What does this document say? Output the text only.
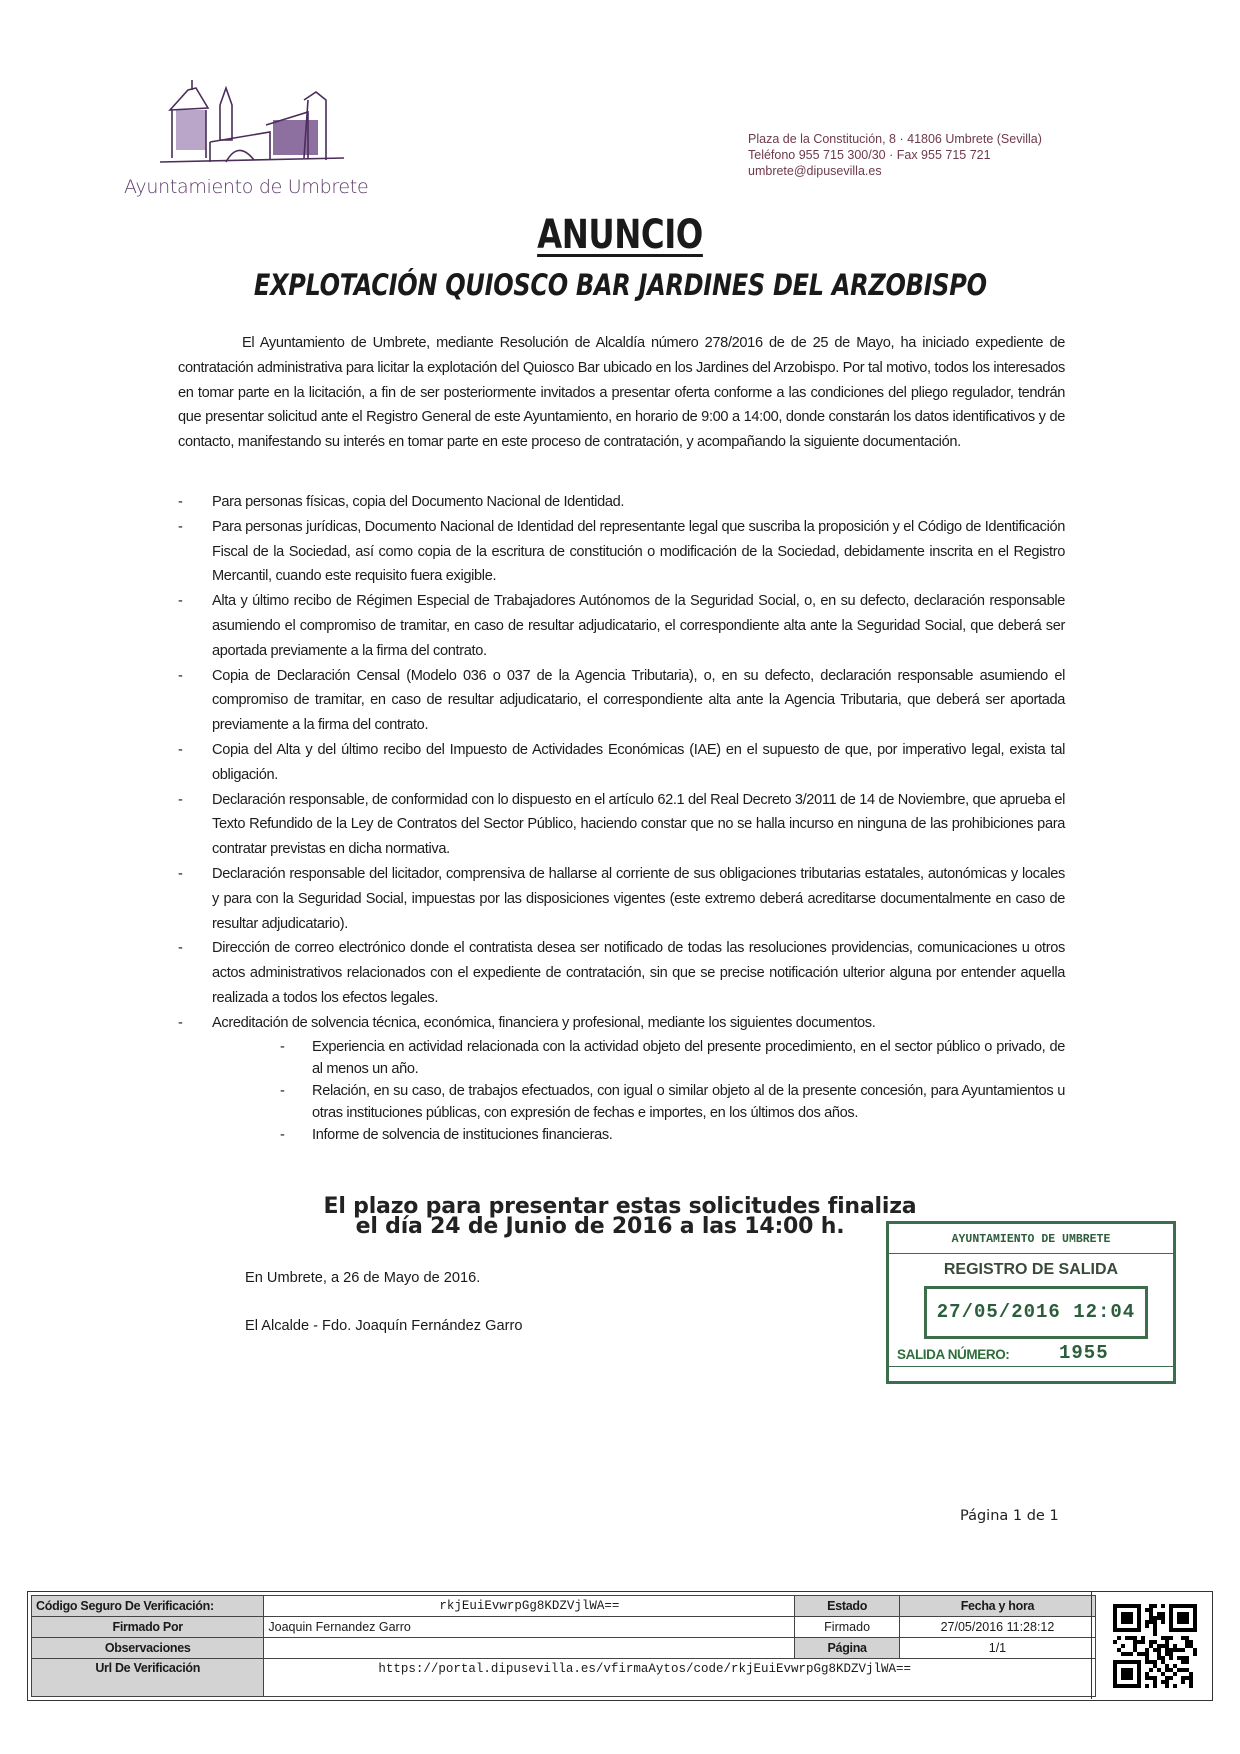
Ayuntamiento de Umbrete
Plaza de la Constitución, 8 · 41806 Umbrete (Sevilla)
Teléfono 955 715 300/30 · Fax 955 715 721
umbrete@dipusevilla.es
ANUNCIO
EXPLOTACIÓN QUIOSCO BAR JARDINES DEL ARZOBISPO

El Ayuntamiento de Umbrete, mediante Resolución de Alcaldía número 278/2016 de de 25 de Mayo, ha iniciado expediente de contratación administrativa para licitar la explotación del Quiosco Bar ubicado en los Jardines del Arzobispo. Por tal motivo, todos los interesados en tomar parte en la licitación, a fin de ser posteriormente invitados a presentar oferta conforme a las condiciones del pliego regulador, tendrán que presentar solicitud ante el Registro General de este Ayuntamiento, en horario de 9:00 a 14:00, donde constarán los datos identificativos y de contacto, manifestando su interés en tomar parte en este proceso de contratación, y acompañando la siguiente documentación.

- Para personas físicas, copia del Documento Nacional de Identidad.
- Para personas jurídicas, Documento Nacional de Identidad del representante legal que suscriba la proposición y el Código de Identificación Fiscal de la Sociedad, así como copia de la escritura de constitución o modificación de la Sociedad, debidamente inscrita en el Registro Mercantil, cuando este requisito fuera exigible.
- Alta y último recibo de Régimen Especial de Trabajadores Autónomos de la Seguridad Social, o, en su defecto, declaración responsable asumiendo el compromiso de tramitar, en caso de resultar adjudicatario, el correspondiente alta ante la Seguridad Social, que deberá ser aportada previamente a la firma del contrato.
- Copia de Declaración Censal (Modelo 036 o 037 de la Agencia Tributaria), o, en su defecto, declaración responsable asumiendo el compromiso de tramitar, en caso de resultar adjudicatario, el correspondiente alta ante la Agencia Tributaria, que deberá ser aportada previamente a la firma del contrato.
- Copia del Alta y del último recibo del Impuesto de Actividades Económicas (IAE) en el supuesto de que, por imperativo legal, exista tal obligación.
- Declaración responsable, de conformidad con lo dispuesto en el artículo 62.1 del Real Decreto 3/2011 de 14 de Noviembre, que aprueba el Texto Refundido de la Ley de Contratos del Sector Público, haciendo constar que no se halla incurso en ninguna de las prohibiciones para contratar previstas en dicha normativa.
- Declaración responsable del licitador, comprensiva de hallarse al corriente de sus obligaciones tributarias estatales, autonómicas y locales y para con la Seguridad Social, impuestas por las disposiciones vigentes (este extremo deberá acreditarse documentalmente en caso de resultar adjudicatario).
- Dirección de correo electrónico donde el contratista desea ser notificado de todas las resoluciones providencias, comunicaciones u otros actos administrativos relacionados con el expediente de contratación, sin que se precise notificación ulterior alguna por entender aquella realizada a todos los efectos legales.
- Acreditación de solvencia técnica, económica, financiera y profesional, mediante los siguientes documentos.
- Experiencia en actividad relacionada con la actividad objeto del presente procedimiento, en el sector público o privado, de al menos un año.
- Relación, en su caso, de trabajos efectuados, con igual o similar objeto al de la presente concesión, para Ayuntamientos u otras instituciones públicas, con expresión de fechas e importes, en los últimos dos años.
- Informe de solvencia de instituciones financieras.
El plazo para presentar estas solicitudes finaliza
el día 24 de Junio de 2016 a las 14:00 h.
En Umbrete, a 26 de Mayo de 2016.
El Alcalde - Fdo. Joaquín Fernández Garro
AYUNTAMIENTO DE UMBRETE
REGISTRO DE SALIDA
27/05/2016 12:04
SALIDA NÚMERO:	1955
Página 1 de 1
Código Seguro De Verificación:	rkjEuiEvwrpGg8KDZVjlWA==	Estado	Fecha y hora
Firmado Por	Joaquin Fernandez Garro	Firmado	27/05/2016 11:28:12
Observaciones		Página	1/1
Url De Verificación	https://portal.dipusevilla.es/vfirmaAytos/code/rkjEuiEvwrpGg8KDZVjlWA==		
